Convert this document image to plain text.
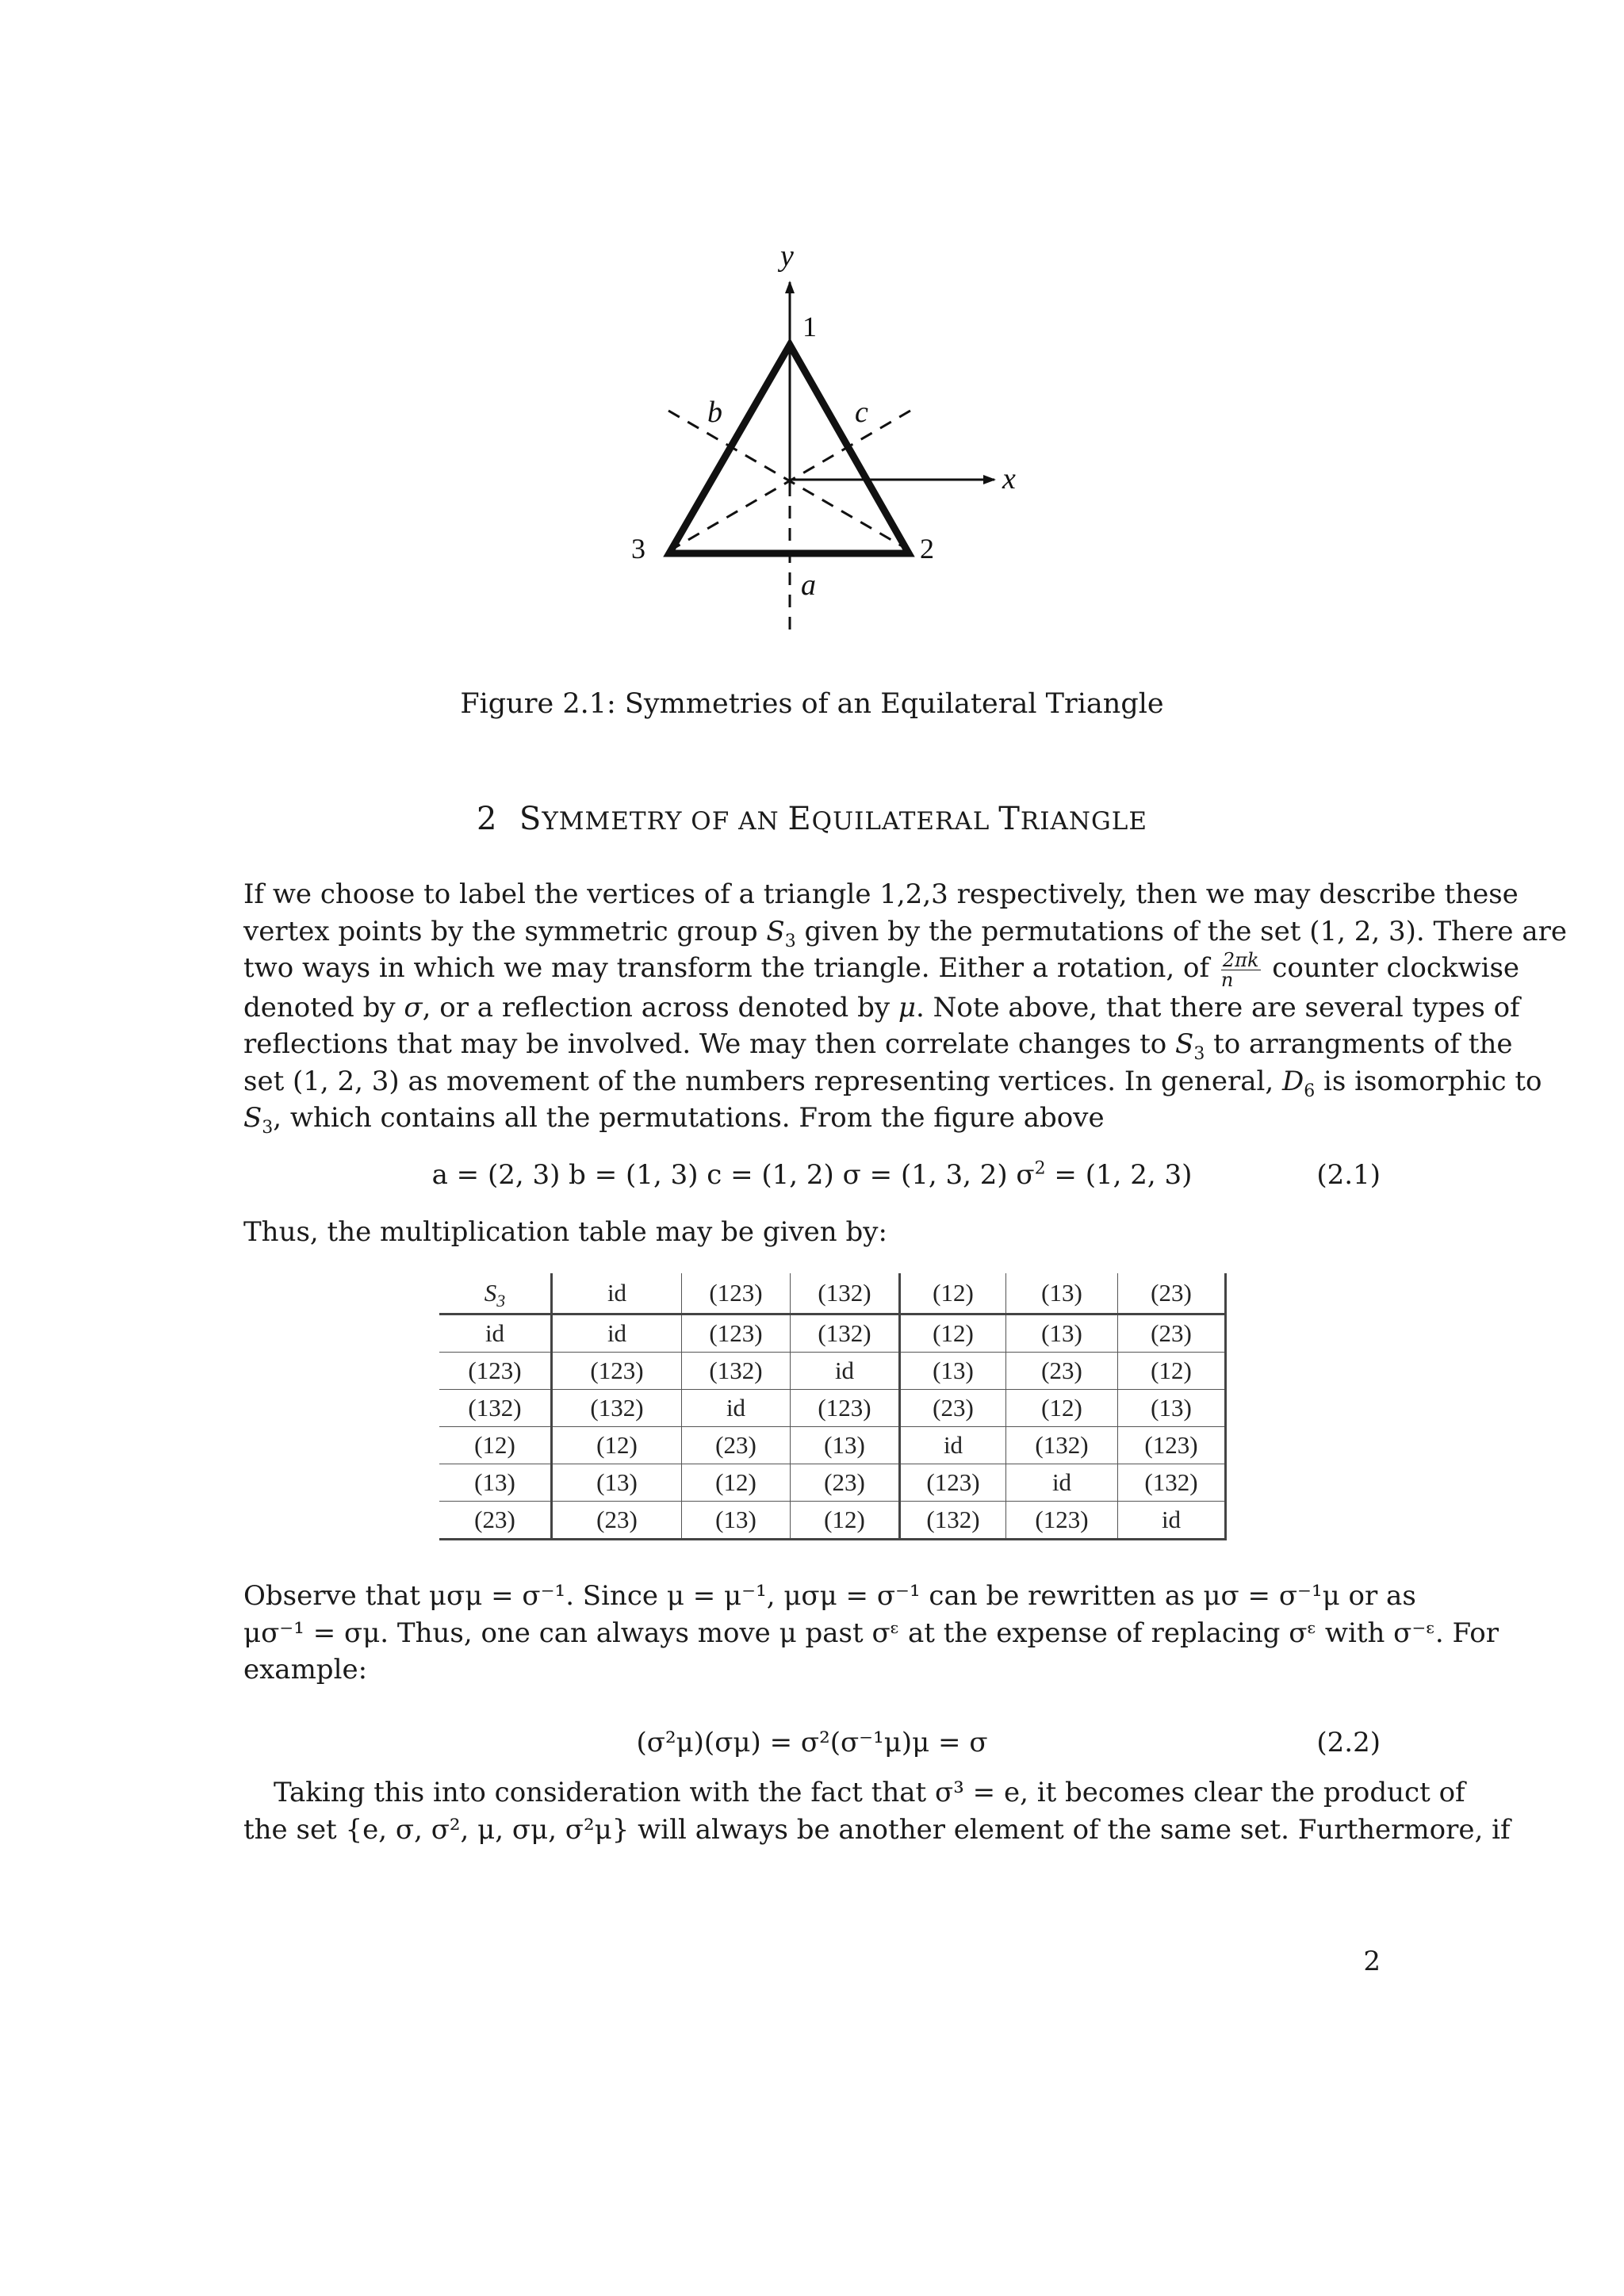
y
x
1
2
3
a
b	c
Figure 2.1: Symmetries of an Equilateral Triangle
2 SYMMETRY OF AN EQUILATERAL TRIANGLE
If we choose to label the vertices of a triangle 1,2,3 respectively, then we may describe these
vertex points by the symmetric group $S_3$ given by the permutations of the set (1, 2, 3). There are
two ways in which we may transform the triangle. Either a rotation, of $\frac{2\pi k}{n}$ counter clockwise
denoted by σ, or a reflection across denoted by μ. Note above, that there are several types of
reflections that may be involved. We may then correlate changes to $S_3$ to arrangments of the
set (1, 2, 3) as movement of the numbers representing vertices. In general, $D_6$ is isomorphic to
$S_3$, which contains all the permutations. From the figure above
a = (2, 3) b = (1, 3) c = (1, 2) σ = (1, 3, 2) $\sigma^2 = (1$, 2, 3)	(2.1)
Thus, the multiplication table may be given by:
$S_3$	id	(123)	(132)	(12)	(13)	(23)
id	id	(123)	(132)	(12)	(13)	(23)
(123)	(123)	(132)	id	(13)	(23)	(12)
(132)	(132)	id	(123)	(23)	(12)	(13)
(12)	(12)	(23)	(13)	id	(132)	(123)
(13)	(13)	(12)	(23)	(123)	id	(132)
(23)	(23)	(13)	(12)	(132)	(123)	id
Observe that μσμ = σ⁻¹. Since μ = μ⁻¹, μσμ = σ⁻¹ can be rewritten as μσ = σ⁻¹μ or as
μσ⁻¹ = σμ. Thus, one can always move μ past σᵋ at the expense of replacing σᵋ with σ⁻ᵋ. For
example:
(σ²μ)(σμ) = σ²(σ⁻¹μ)μ = σ	(2.2)
Taking this into consideration with the fact that σ³ = e, it becomes clear the product of
the set {e, σ, σ², μ, σμ, σ²μ} will always be another element of the same set. Furthermore, if
2
